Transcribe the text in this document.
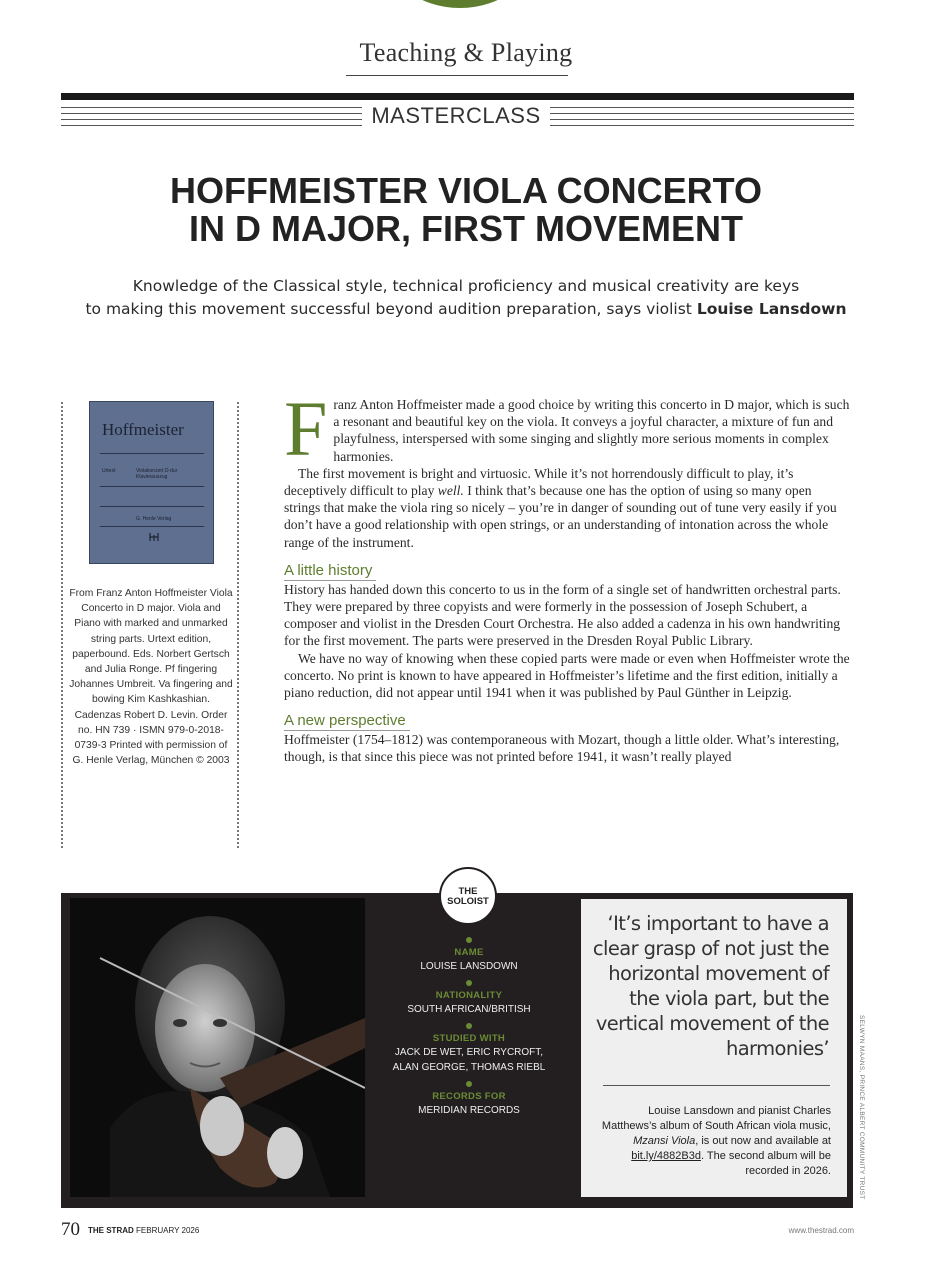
Teaching & Playing
MASTERCLASS
HOFFMEISTER VIOLA CONCERTO
IN D MAJOR, FIRST MOVEMENT
Knowledge of the Classical style, technical proficiency and musical creativity are keys
to making this movement successful beyond audition preparation, says violist Louise Lansdown
Hoffmeister
Urtext	Violakonzert D-dur
Klavierauszug
G. Henle Verlag
From Franz Anton Hoffmeister Viola Concerto in D major. Viola and Piano with marked and unmarked string parts. Urtext edition, paperbound. Eds. Norbert Gertsch and Julia Ronge. Pf fingering Johannes Umbreit. Va fingering and bowing Kim Kashkashian. Cadenzas Robert D. Levin. Order no. HN 739 · ISMN 979-0-2018-0739-3 Printed with permission of G. Henle Verlag, München © 2003

Franz Anton Hoffmeister made a good choice by writing this concerto in D major, which is such a resonant and beautiful key on the viola. It conveys a joyful character, a mixture of fun and playfulness, interspersed with some singing and slightly more serious moments in complex harmonies.

The first movement is bright and virtuosic. While it’s not horrendously difficult to play, it’s deceptively difficult to play well. I think that’s because one has the option of using so many open strings that make the viola ring so nicely – you’re in danger of sounding out of tune very easily if you don’t have a good relationship with open strings, or an understanding of intonation across the whole range of the instrument.

A little history

History has handed down this concerto to us in the form of a single set of handwritten orchestral parts. They were prepared by three copyists and were formerly in the possession of Joseph Schubert, a composer and violist in the Dresden Court Orchestra. He also added a cadenza in his own handwriting for the first movement. The parts were preserved in the Dresden Royal Public Library.

We have no way of knowing when these copied parts were made or even when Hoffmeister wrote the concerto. No print is known to have appeared in Hoffmeister’s lifetime and the first edition, initially a piano reduction, did not appear until 1941 when it was published by Paul Günther in Leipzig.

A new perspective

Hoffmeister (1754–1812) was contemporaneous with Mozart, though a little older. What’s interesting, though, is that since this piece was not printed before 1941, it wasn’t really played

THE
SOLOIST
NAME
LOUISE LANSDOWN
NATIONALITY
SOUTH AFRICAN/BRITISH
STUDIED WITH
JACK DE WET, ERIC RYCROFT,
ALAN GEORGE, THOMAS RIEBL
RECORDS FOR
MERIDIAN RECORDS
‘It’s important to have a clear grasp of not just the horizontal movement of the viola part, but the vertical movement of the harmonies’
Louise Lansdown and pianist Charles Matthews’s album of South African viola music, Mzansi Viola, is out now and available at bit.ly/4882B3d. The second album will be recorded in 2026.	SELWYN MAANS, PRINCE ALBERT COMMUNITY TRUST
70 THE STRAD FEBRUARY 2026	www.thestrad.com
